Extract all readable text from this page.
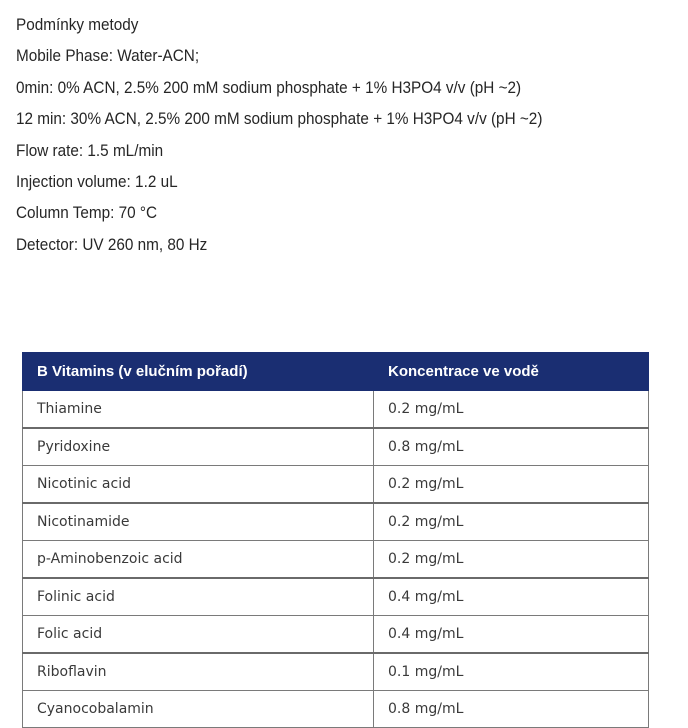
Podmínky metody
Mobile Phase: Water-ACN;
0min: 0% ACN, 2.5% 200 mM sodium phosphate + 1% H3PO4 v/v (pH ~2)
12 min: 30% ACN, 2.5% 200 mM sodium phosphate + 1% H3PO4 v/v (pH ~2)
Flow rate: 1.5 mL/min
Injection volume: 1.2 uL
Column Temp: 70 °C
Detector: UV 260 nm, 80 Hz
B Vitamins (v elučním pořadí)	Koncentrace ve vodě
Thiamine	0.2 mg/mL
Pyridoxine	0.8 mg/mL
Nicotinic acid	0.2 mg/mL
Nicotinamide	0.2 mg/mL
p-Aminobenzoic acid	0.2 mg/mL
Folinic acid	0.4 mg/mL
Folic acid	0.4 mg/mL
Riboflavin	0.1 mg/mL
Cyanocobalamin	0.8 mg/mL
